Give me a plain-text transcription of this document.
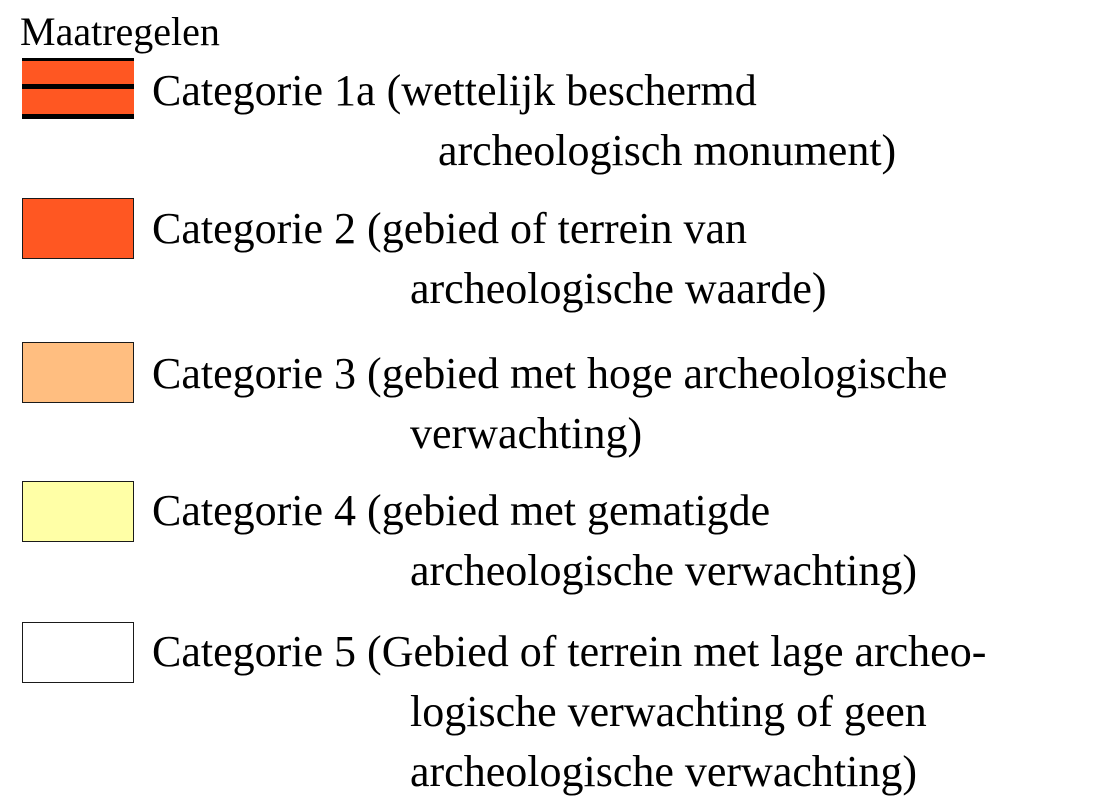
Maatregelen
Categorie 1a (wettelijk beschermd
archeologisch monument)
Categorie 2 (gebied of terrein van
archeologische waarde)
Categorie 3 (gebied met hoge archeologische
verwachting)
Categorie 4 (gebied met gematigde
archeologische verwachting)
Categorie 5 (Gebied of terrein met lage archeo-
logische verwachting of geen
archeologische verwachting)
